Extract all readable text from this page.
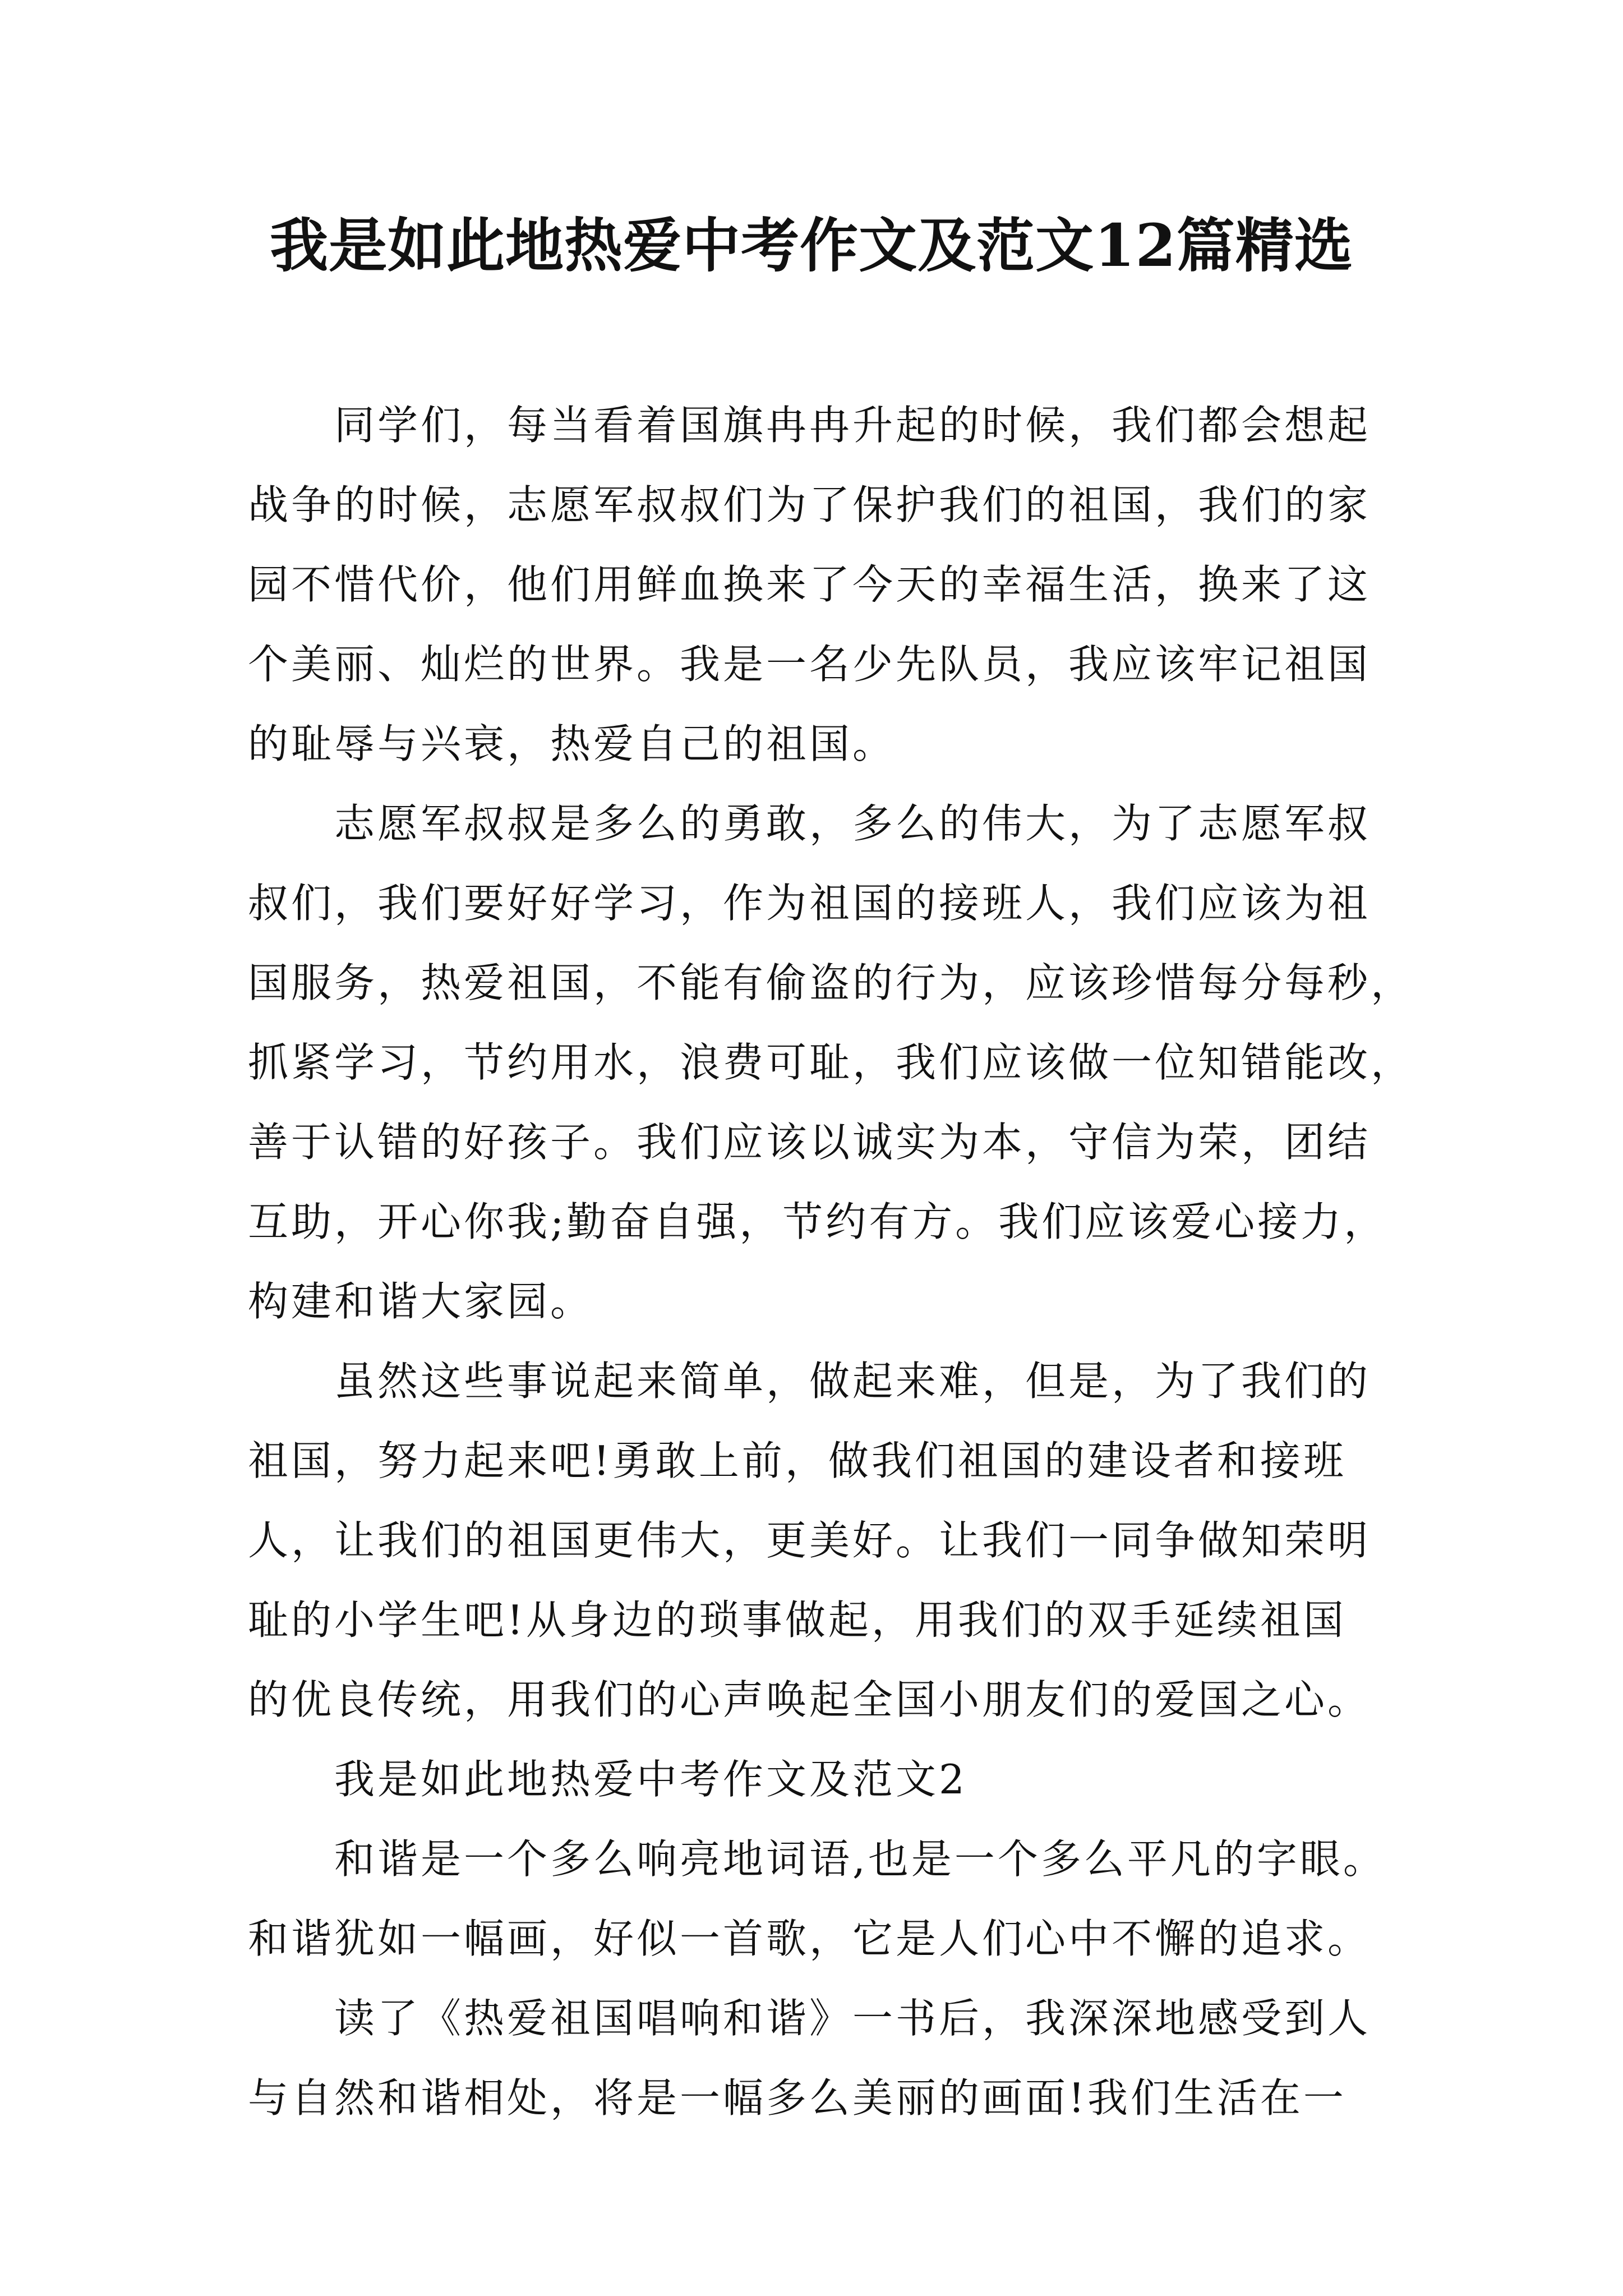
我是如此地热爱中考作文及范文12篇精选
同学们，每当看着国旗冉冉升起的时候，我们都会想起
战争的时候，志愿军叔叔们为了保护我们的祖国，我们的家
园不惜代价，他们用鲜血换来了今天的幸福生活，换来了这
个美丽、灿烂的世界。我是一名少先队员，我应该牢记祖国
的耻辱与兴衰，热爱自己的祖国。
志愿军叔叔是多么的勇敢，多么的伟大，为了志愿军叔
叔们，我们要好好学习，作为祖国的接班人，我们应该为祖
国服务，热爱祖国，不能有偷盗的行为，应该珍惜每分每秒，
抓紧学习，节约用水，浪费可耻，我们应该做一位知错能改，
善于认错的好孩子。我们应该以诚实为本，守信为荣，团结
互助，开心你我;勤奋自强，节约有方。我们应该爱心接力，
构建和谐大家园。
虽然这些事说起来简单，做起来难，但是，为了我们的
祖国，努力起来吧!勇敢上前，做我们祖国的建设者和接班
人，让我们的祖国更伟大，更美好。让我们一同争做知荣明
耻的小学生吧!从身边的琐事做起，用我们的双手延续祖国
的优良传统，用我们的心声唤起全国小朋友们的爱国之心。
我是如此地热爱中考作文及范文2
和谐是一个多么响亮地词语,也是一个多么平凡的字眼。
和谐犹如一幅画，好似一首歌，它是人们心中不懈的追求。
读了《热爱祖国唱响和谐》一书后，我深深地感受到人
与自然和谐相处，将是一幅多么美丽的画面!我们生活在一
